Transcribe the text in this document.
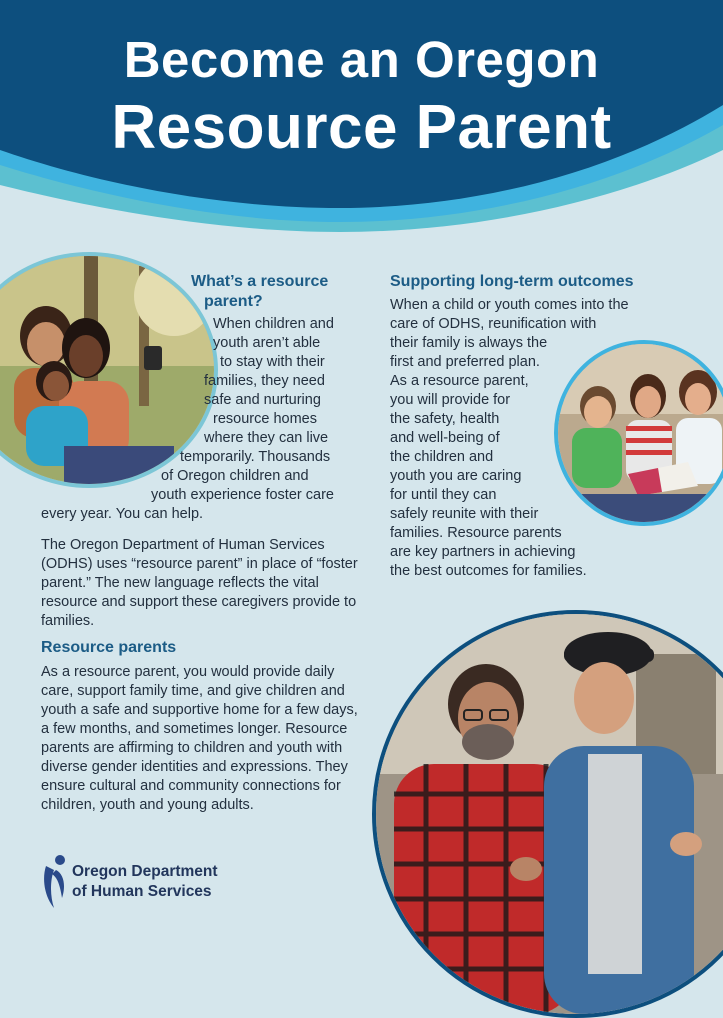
Become an Oregon
Resource Parent
What’s a resource
parent?
When children and
youth aren’t able
to stay with their
families, they need
safe and nurturing
resource homes
where they can live
temporarily. Thousands
of Oregon children and
youth experience foster care
every year. You can help.

The Oregon Department of Human Services (ODHS) uses “resource parent” in place of “foster parent.” The new language reflects the vital resource and support these caregivers provide to families.

Resource parents

As a resource parent, you would provide daily care, support family time, and give children and youth a safe and supportive home for a few days, a few months, and sometimes longer. Resource parents are affirming to children and youth with diverse gender identities and expressions. They ensure cultural and community connections for children, youth and young adults.

Supporting long-term outcomes
When a child or youth comes into the
care of ODHS, reunification with
their family is always the
first and preferred plan.
As a resource parent,
you will provide for
the safety, health
and well-being of
the children and
youth you are caring
for until they can
safely reunite with their
families. Resource parents
are key partners in achieving
the best outcomes for families.
Oregon Department
of Human Services
